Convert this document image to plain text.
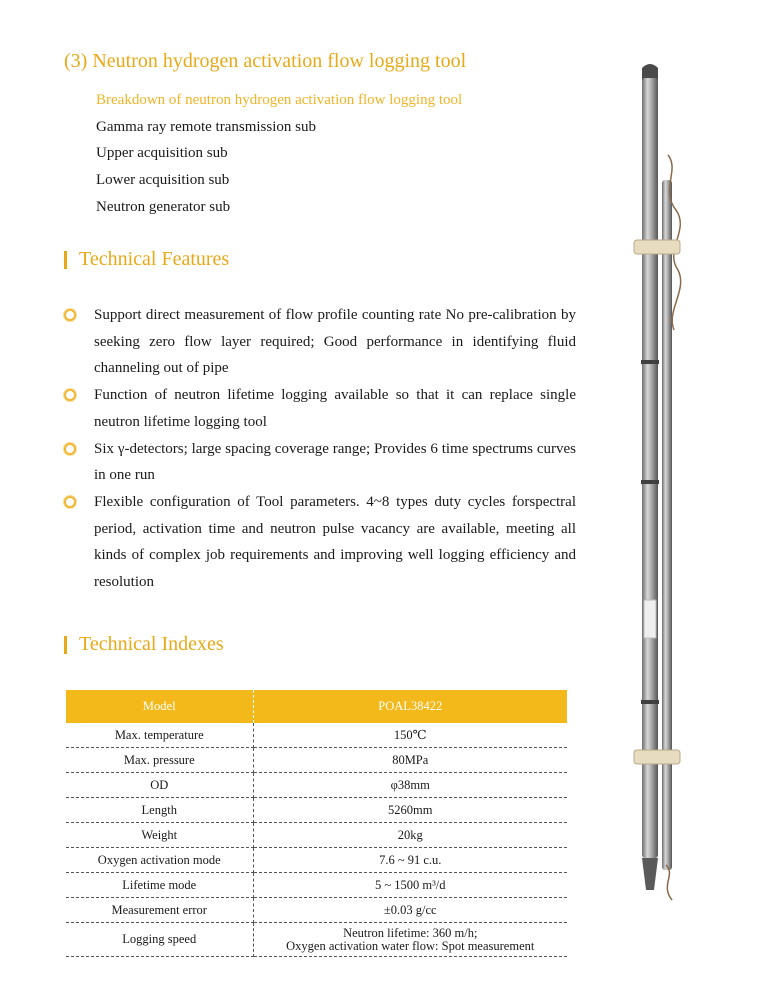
(3) Neutron hydrogen activation flow logging tool
Breakdown of neutron hydrogen activation flow logging tool
Gamma ray remote transmission sub
Upper acquisition sub
Lower acquisition sub
Neutron generator sub
Technical Features
Support direct measurement of flow profile counting rate No pre-calibration by seeking zero flow layer required; Good performance in identifying fluid channeling out of pipe
Function of neutron lifetime logging available so that it can replace single neutron lifetime logging tool
Six γ-detectors; large spacing coverage range; Provides 6 time spectrums curves in one run
Flexible configuration of Tool parameters. 4~8 types duty cycles forspectral period, activation time and neutron pulse vacancy are available, meeting all kinds of complex job requirements and improving well logging efficiency and resolution
Technical Indexes
Model	POAL38422
Max. temperature	150℃
Max. pressure	80MPa
OD	φ38mm
Length	5260mm
Weight	20kg
Oxygen activation mode	7.6 ~ 91 c.u.
Lifetime mode	5 ~ 1500 m³/d
Measurement error	±0.03 g/cc
Logging speed	Neutron lifetime: 360 m/h;
Oxygen activation water flow: Spot measurement
